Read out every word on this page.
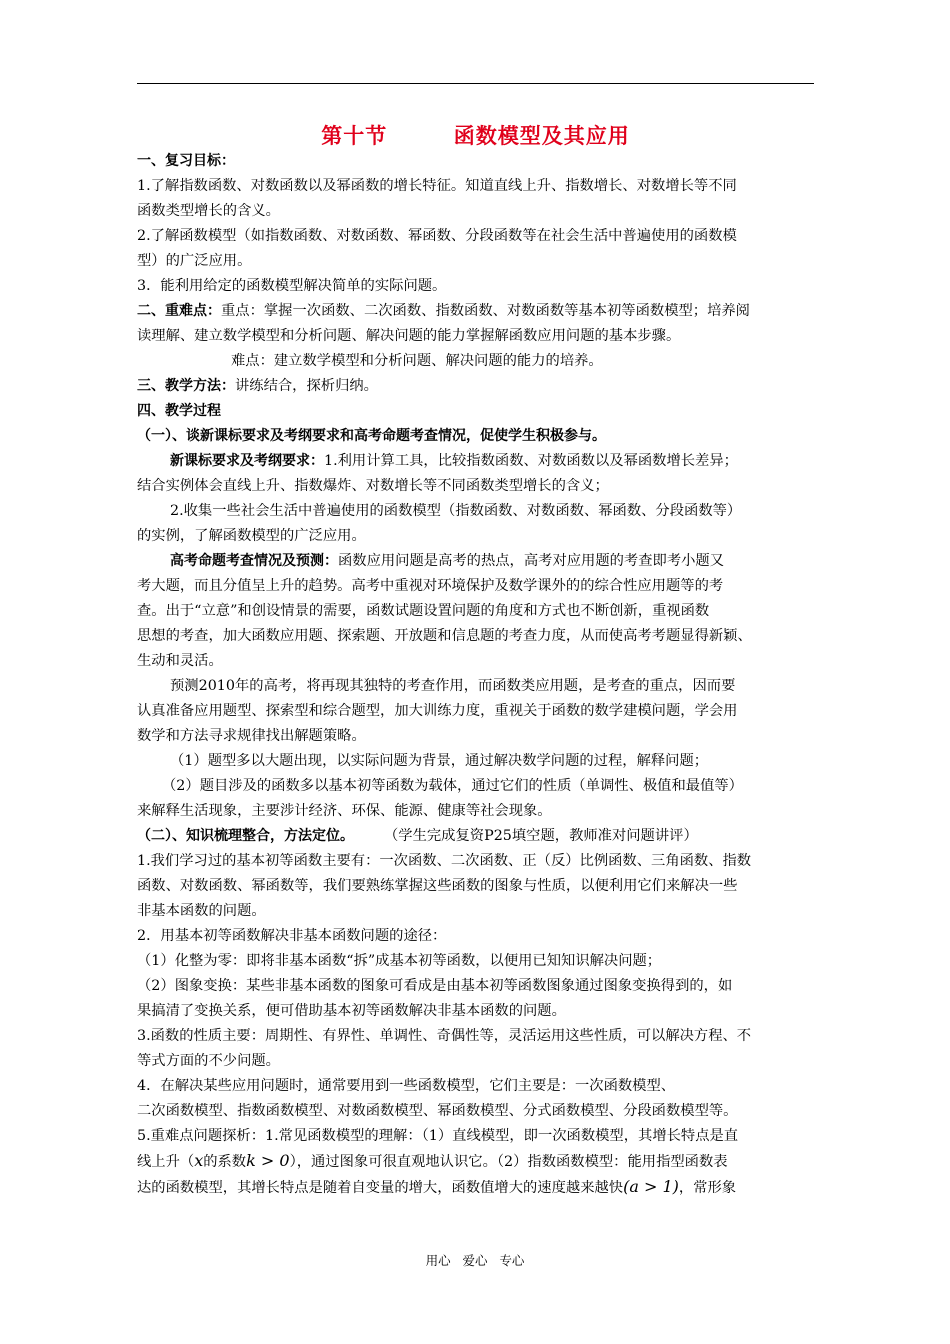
第十节        函数模型及其应用
一、复习目标：
1.了解指数函数、对数函数以及幂函数的增长特征。知道直线上升、指数增长、对数增长等不同
函数类型增长的含义。
2.了解函数模型（如指数函数、对数函数、幂函数、分段函数等在社会生活中普遍使用的函数模
型）的广泛应用。
3．能利用给定的函数模型解决简单的实际问题。
二、重难点：重点：掌握一次函数、二次函数、指数函数、对数函数等基本初等函数模型；培养阅
读理解、建立数学模型和分析问题、解决问题的能力掌握解函数应用问题的基本步骤。
难点：建立数学模型和分析问题、解决问题的能力的培养。
三、教学方法：讲练结合，探析归纳。
四、教学过程
（一）、谈新课标要求及考纲要求和高考命题考查情况，促使学生积极参与。
新课标要求及考纲要求：1.利用计算工具，比较指数函数、对数函数以及幂函数增长差异；
结合实例体会直线上升、指数爆炸、对数增长等不同函数类型增长的含义；
2.收集一些社会生活中普遍使用的函数模型（指数函数、对数函数、幂函数、分段函数等）
的实例，了解函数模型的广泛应用。
高考命题考查情况及预测：函数应用问题是高考的热点，高考对应用题的考查即考小题又
考大题，而且分值呈上升的趋势。高考中重视对环境保护及数学课外的的综合性应用题等的考
查。出于“立意”和创设情景的需要，函数试题设置问题的角度和方式也不断创新，重视函数
思想的考查，加大函数应用题、探索题、开放题和信息题的考查力度，从而使高考考题显得新颖、
生动和灵活。
预测2010年的高考，将再现其独特的考查作用，而函数类应用题，是考查的重点，因而要
认真准备应用题型、探索型和综合题型，加大训练力度，重视关于函数的数学建模问题，学会用
数学和方法寻求规律找出解题策略。
（1）题型多以大题出现，以实际问题为背景，通过解决数学问题的过程，解释问题；
（2）题目涉及的函数多以基本初等函数为载体，通过它们的性质（单调性、极值和最值等）
来解释生活现象，主要涉计经济、环保、能源、健康等社会现象。
（二）、知识梳理整合，方法定位。 （学生完成复资P25填空题，教师准对问题讲评）
1.我们学习过的基本初等函数主要有：一次函数、二次函数、正（反）比例函数、三角函数、指数
函数、对数函数、幂函数等，我们要熟练掌握这些函数的图象与性质，以便利用它们来解决一些
非基本函数的问题。
2．用基本初等函数解决非基本函数问题的途径：
（1）化整为零：即将非基本函数“拆”成基本初等函数，以便用已知知识解决问题；
（2）图象变换：某些非基本函数的图象可看成是由基本初等函数图象通过图象变换得到的，如
果搞清了变换关系，便可借助基本初等函数解决非基本函数的问题。
3.函数的性质主要：周期性、有界性、单调性、奇偶性等，灵活运用这些性质，可以解决方程、不
等式方面的不少问题。
4．在解决某些应用问题时，通常要用到一些函数模型，它们主要是：一次函数模型、
二次函数模型、指数函数模型、对数函数模型、幂函数模型、分式函数模型、分段函数模型等。
5.重难点问题探析：1.常见函数模型的理解：（1）直线模型，即一次函数模型，其增长特点是直
线上升（x的系数k > 0），通过图象可很直观地认识它。（2）指数函数模型：能用指型函数表
达的函数模型，其增长特点是随着自变量的增大，函数值增大的速度越来越快(a > 1)，常形象
用心   爱心   专心
